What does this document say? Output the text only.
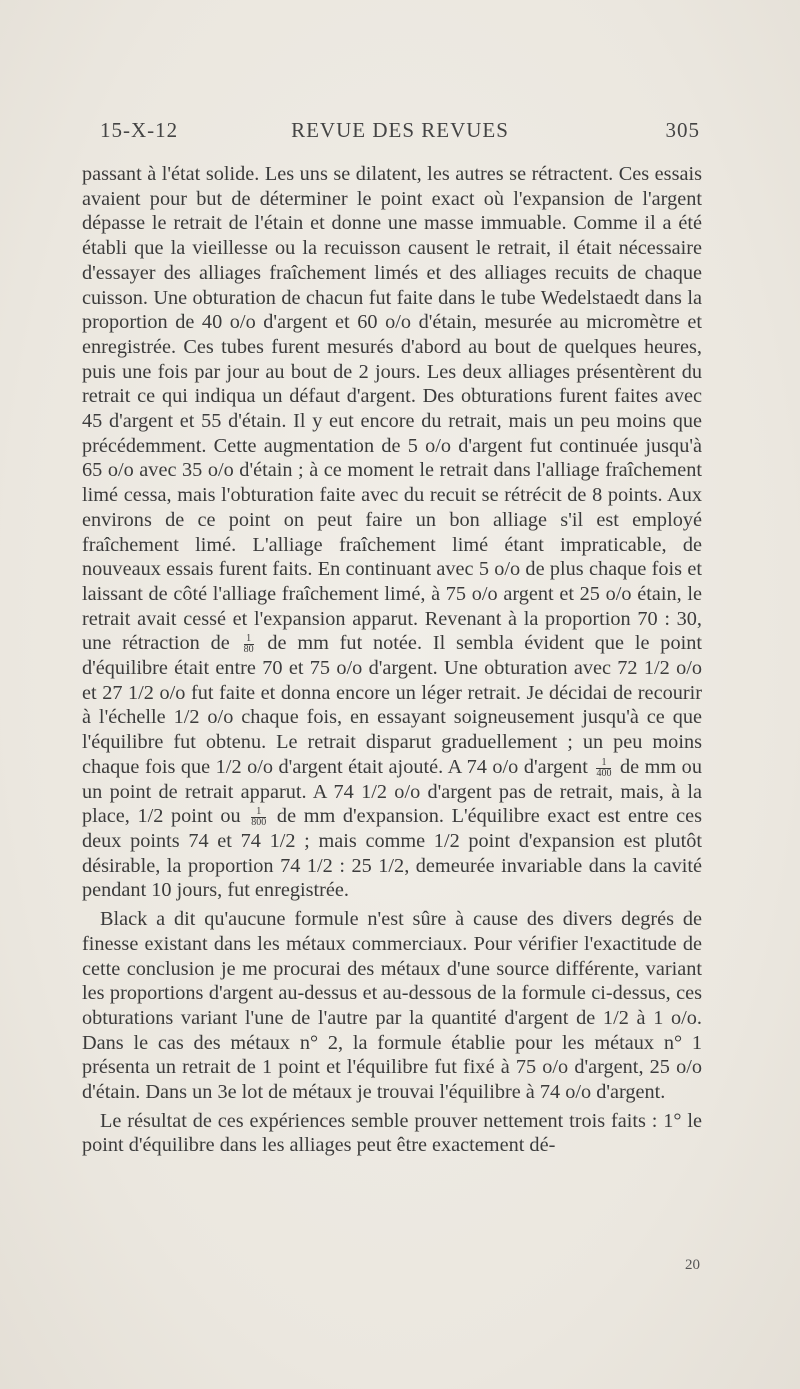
15-X-12	REVUE DES REVUES	305

passant à l'état solide. Les uns se dilatent, les autres se rétractent. Ces essais avaient pour but de déterminer le point exact où l'expansion de l'argent dépasse le retrait de l'étain et donne une masse immuable. Comme il a été établi que la vieillesse ou la recuisson causent le retrait, il était nécessaire d'essayer des alliages fraîchement limés et des alliages recuits de chaque cuisson. Une obturation de chacun fut faite dans le tube Wedelstaedt dans la proportion de 40 o/o d'argent et 60 o/o d'étain, mesurée au micromètre et enregistrée. Ces tubes furent mesurés d'abord au bout de quelques heures, puis une fois par jour au bout de 2 jours. Les deux alliages présentèrent du retrait ce qui indiqua un défaut d'argent. Des obturations furent faites avec 45 d'argent et 55 d'étain. Il y eut encore du retrait, mais un peu moins que précédemment. Cette augmentation de 5 o/o d'argent fut continuée jusqu'à 65 o/o avec 35 o/o d'étain ; à ce moment le retrait dans l'alliage fraîchement limé cessa, mais l'obturation faite avec du recuit se rétrécit de 8 points. Aux environs de ce point on peut faire un bon alliage s'il est employé fraîchement limé. L'alliage fraîchement limé étant impraticable, de nouveaux essais furent faits. En continuant avec 5 o/o de plus chaque fois et laissant de côté l'alliage fraîchement limé, à 75 o/o argent et 25 o/o étain, le retrait avait cessé et l'expansion apparut. Revenant à la proportion 70 : 30, une rétraction de $\frac{1}{80}$ de mm fut notée. Il sembla évident que le point d'équilibre était entre 70 et 75 o/o d'argent. Une obturation avec 72 1/2 o/o et 27 1/2 o/o fut faite et donna encore un léger retrait. Je décidai de recourir à l'échelle 1/2 o/o chaque fois, en essayant soigneusement jusqu'à ce que l'équilibre fut obtenu. Le retrait disparut graduellement ; un peu moins chaque fois que 1/2 o/o d'argent était ajouté. A 74 o/o d'argent $\frac{1}{400}$ de mm ou un point de retrait apparut. A 74 1/2 o/o d'argent pas de retrait, mais, à la place, 1/2 point ou $\frac{1}{800}$ de mm d'expansion. L'équilibre exact est entre ces deux points 74 et 74 1/2 ; mais comme 1/2 point d'expansion est plutôt désirable, la proportion 74 1/2 : 25 1/2, demeurée invariable dans la cavité pendant 10 jours, fut enregistrée.

Black a dit qu'aucune formule n'est sûre à cause des divers degrés de finesse existant dans les métaux commerciaux. Pour vérifier l'exactitude de cette conclusion je me procurai des métaux d'une source différente, variant les proportions d'argent au-dessus et au-dessous de la formule ci-dessus, ces obturations variant l'une de l'autre par la quantité d'argent de 1/2 à 1 o/o. Dans le cas des métaux n° 2, la formule établie pour les métaux n° 1 présenta un retrait de 1 point et l'équilibre fut fixé à 75 o/o d'argent, 25 o/o d'étain. Dans un 3e lot de métaux je trouvai l'équilibre à 74 o/o d'argent.

Le résultat de ces expériences semble prouver nettement trois faits : 1° le point d'équilibre dans les alliages peut être exactement dé-

20
